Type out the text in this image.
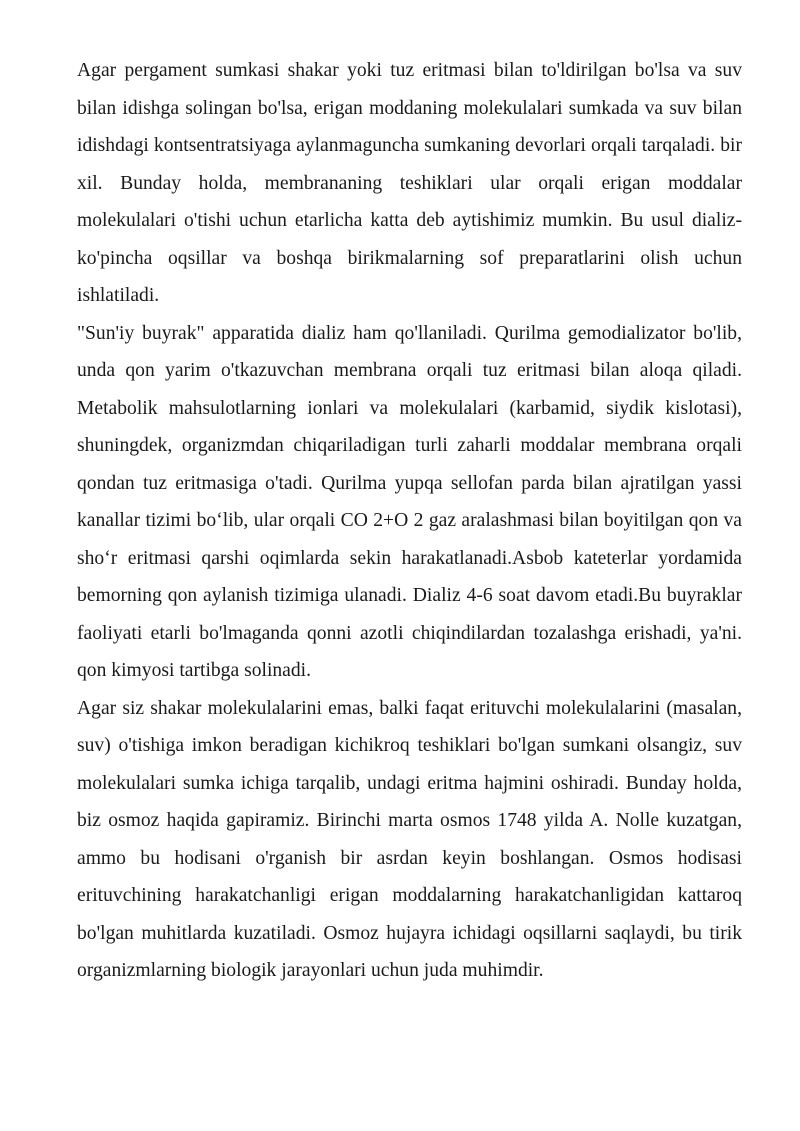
Agar pergament sumkasi shakar yoki tuz eritmasi bilan to'ldirilgan bo'lsa va suv bilan idishga solingan bo'lsa, erigan moddaning molekulalari sumkada va suv bilan idishdagi kontsentratsiyaga aylanmaguncha sumkaning devorlari orqali tarqaladi. bir xil. Bunday holda, membrananing teshiklari ular orqali erigan moddalar molekulalari o'tishi uchun etarlicha katta deb aytishimiz mumkin. Bu usul dializ- ko'pincha oqsillar va boshqa birikmalarning sof preparatlarini olish uchun ishlatiladi.

"Sun'iy buyrak" apparatida dializ ham qo'llaniladi. Qurilma gemodializator bo'lib, unda qon yarim o'tkazuvchan membrana orqali tuz eritmasi bilan aloqa qiladi. Metabolik mahsulotlarning ionlari va molekulalari (karbamid, siydik kislotasi), shuningdek, organizmdan chiqariladigan turli zaharli moddalar membrana orqali qondan tuz eritmasiga o'tadi. Qurilma yupqa sellofan parda bilan ajratilgan yassi kanallar tizimi bo‘lib, ular orqali CO 2+O 2 gaz aralashmasi bilan boyitilgan qon va sho‘r eritmasi qarshi oqimlarda sekin harakatlanadi.Asbob kateterlar yordamida bemorning qon aylanish tizimiga ulanadi. Dializ 4-6 soat davom etadi.Bu buyraklar faoliyati etarli bo'lmaganda qonni azotli chiqindilardan tozalashga erishadi, ya'ni. qon kimyosi tartibga solinadi.

Agar siz shakar molekulalarini emas, balki faqat erituvchi molekulalarini (masalan, suv) o'tishiga imkon beradigan kichikroq teshiklari bo'lgan sumkani olsangiz, suv molekulalari sumka ichiga tarqalib, undagi eritma hajmini oshiradi. Bunday holda, biz osmoz haqida gapiramiz. Birinchi marta osmos 1748 yilda A. Nolle kuzatgan, ammo bu hodisani o'rganish bir asrdan keyin boshlangan. Osmos hodisasi erituvchining harakatchanligi erigan moddalarning harakatchanligidan kattaroq bo'lgan muhitlarda kuzatiladi. Osmoz hujayra ichidagi oqsillarni saqlaydi, bu tirik organizmlarning biologik jarayonlari uchun juda muhimdir.
